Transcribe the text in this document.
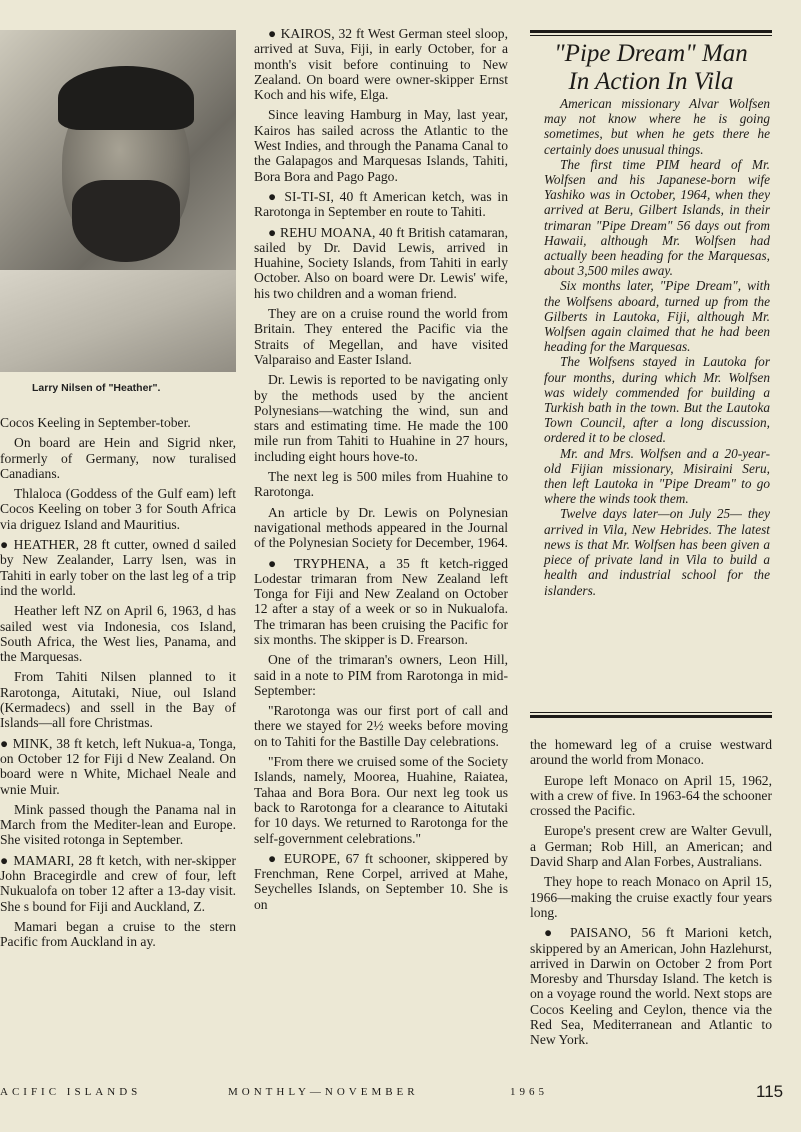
Larry Nilsen of "Heather".

Cocos Keeling in September-tober.

On board are Hein and Sigrid nker, formerly of Germany, now turalised Canadians.

Thlaloca (Goddess of the Gulf eam) left Cocos Keeling on tober 3 for South Africa via driguez Island and Mauritius.

● HEATHER, 28 ft cutter, owned d sailed by New Zealander, Larry lsen, was in Tahiti in early tober on the last leg of a trip ind the world.

Heather left NZ on April 6, 1963, d has sailed west via Indonesia, cos Island, South Africa, the West lies, Panama, and the Marquesas.

From Tahiti Nilsen planned to it Rarotonga, Aitutaki, Niue, oul Island (Kermadecs) and ssell in the Bay of Islands—all fore Christmas.

● MINK, 38 ft ketch, left Nukua-a, Tonga, on October 12 for Fiji d New Zealand. On board were n White, Michael Neale and wnie Muir.

Mink passed though the Panama nal in March from the Mediter-lean and Europe. She visited rotonga in September.

● MAMARI, 28 ft ketch, with ner-skipper John Bracegirdle and crew of four, left Nukualofa on tober 12 after a 13-day visit. She s bound for Fiji and Auckland, Z.

Mamari began a cruise to the stern Pacific from Auckland in ay.

● KAIROS, 32 ft West German steel sloop, arrived at Suva, Fiji, in early October, for a month's visit before continuing to New Zealand. On board were owner-skipper Ernst Koch and his wife, Elga.

Since leaving Hamburg in May, last year, Kairos has sailed across the Atlantic to the West Indies, and through the Panama Canal to the Galapagos and Marquesas Islands, Tahiti, Bora Bora and Pago Pago.

● SI-TI-SI, 40 ft American ketch, was in Rarotonga in September en route to Tahiti.

● REHU MOANA, 40 ft British catamaran, sailed by Dr. David Lewis, arrived in Huahine, Society Islands, from Tahiti in early October. Also on board were Dr. Lewis' wife, his two children and a woman friend.

They are on a cruise round the world from Britain. They entered the Pacific via the Straits of Megellan, and have visited Valparaiso and Easter Island.

Dr. Lewis is reported to be navigating only by the methods used by the ancient Polynesians—watching the wind, sun and stars and estimating time. He made the 100 mile run from Tahiti to Huahine in 27 hours, including eight hours hove-to.

The next leg is 500 miles from Huahine to Rarotonga.

An article by Dr. Lewis on Polynesian navigational methods appeared in the Journal of the Polynesian Society for December, 1964.

● TRYPHENA, a 35 ft ketch-rigged Lodestar trimaran from New Zealand left Tonga for Fiji and New Zealand on October 12 after a stay of a week or so in Nukualofa. The trimaran has been cruising the Pacific for six months. The skipper is D. Frearson.

One of the trimaran's owners, Leon Hill, said in a note to PIM from Rarotonga in mid-September:

"Rarotonga was our first port of call and there we stayed for 2½ weeks before moving on to Tahiti for the Bastille Day celebrations.

"From there we cruised some of the Society Islands, namely, Moorea, Huahine, Raiatea, Tahaa and Bora Bora. Our next leg took us back to Rarotonga for a clearance to Aitutaki for 10 days. We returned to Rarotonga for the self-government celebrations."

● EUROPE, 67 ft schooner, skippered by Frenchman, Rene Corpel, arrived at Mahe, Seychelles Islands, on September 10. She is on

"Pipe Dream" Man
In Action In Vila

American missionary Alvar Wolfsen may not know where he is going sometimes, but when he gets there he certainly does unusual things.

The first time PIM heard of Mr. Wolfsen and his Japanese-born wife Yashiko was in October, 1964, when they arrived at Beru, Gilbert Islands, in their trimaran "Pipe Dream" 56 days out from Hawaii, although Mr. Wolfsen had actually been heading for the Marquesas, about 3,500 miles away.

Six months later, "Pipe Dream", with the Wolfsens aboard, turned up from the Gilberts in Lautoka, Fiji, although Mr. Wolfsen again claimed that he had been heading for the Marquesas.

The Wolfsens stayed in Lautoka for four months, during which Mr. Wolfsen was widely commended for building a Turkish bath in the town. But the Lautoka Town Council, after a long discussion, ordered it to be closed.

Mr. and Mrs. Wolfsen and a 20-year-old Fijian missionary, Misiraini Seru, then left Lautoka in "Pipe Dream" to go where the winds took them.

Twelve days later—on July 25— they arrived in Vila, New Hebrides. The latest news is that Mr. Wolfsen has been given a piece of private land in Vila to build a health and industrial school for the islanders.

the homeward leg of a cruise westward around the world from Monaco.

Europe left Monaco on April 15, 1962, with a crew of five. In 1963-64 the schooner crossed the Pacific.

Europe's present crew are Walter Gevull, a German; Rob Hill, an American; and David Sharp and Alan Forbes, Australians.

They hope to reach Monaco on April 15, 1966—making the cruise exactly four years long.

● PAISANO, 56 ft Marioni ketch, skippered by an American, John Hazlehurst, arrived in Darwin on October 2 from Port Moresby and Thursday Island. The ketch is on a voyage round the world. Next stops are Cocos Keeling and Ceylon, thence via the Red Sea, Mediterranean and Atlantic to New York.

ACIFIC ISLANDS	MONTHLY—NOVEMBER	1965	115
